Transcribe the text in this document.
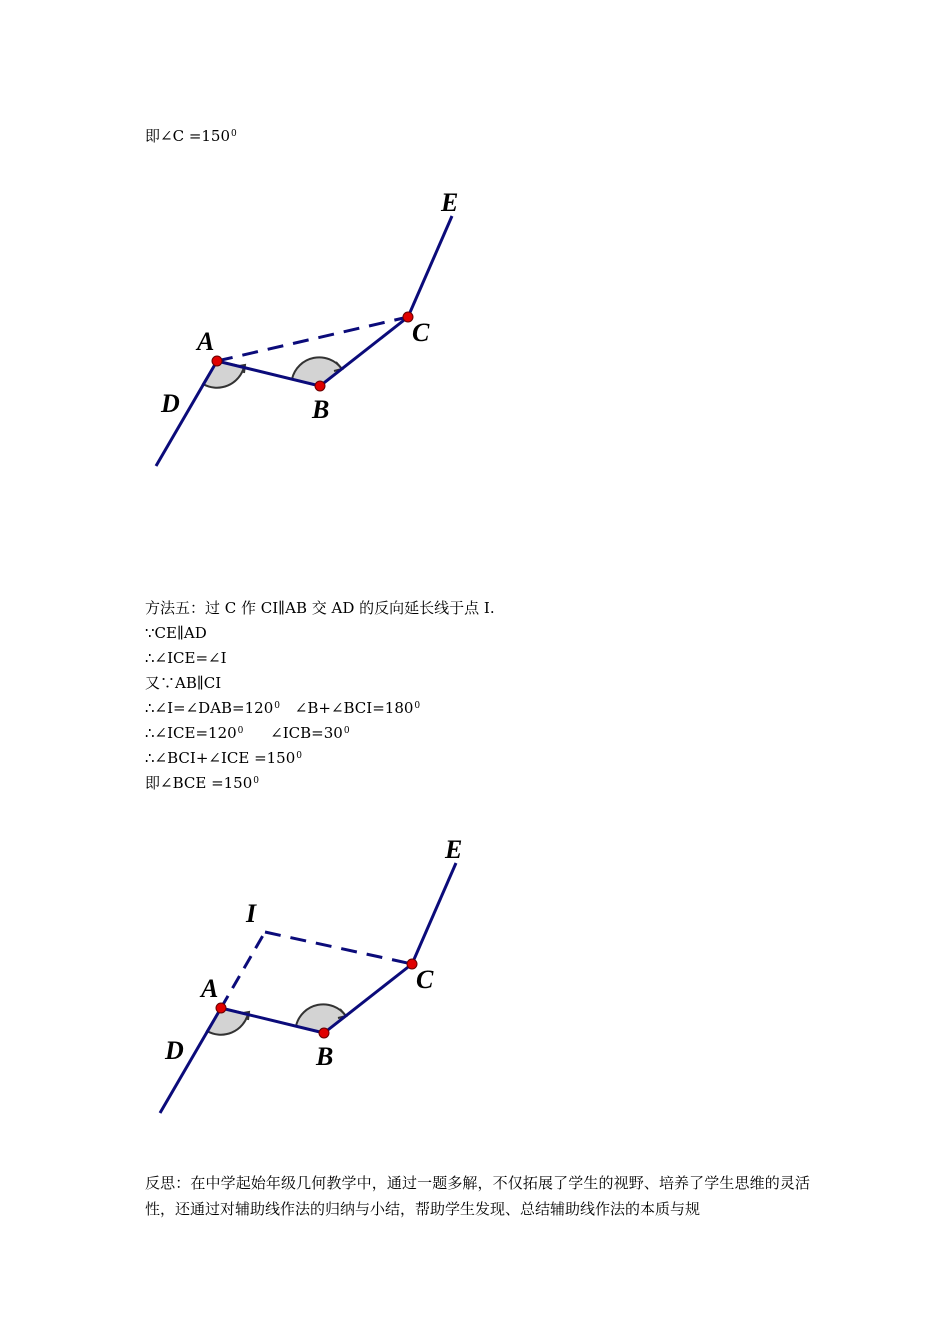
即∠C $=150^0$
E
A	C
D	B
方法五：过 C 作 CI∥AB 交 AD 的反向延长线于点 I.
∵CE∥AD
∴∠ICE=∠I
又∵AB∥CI
$\therefore\angle I=\angle DAB=120^0$ $\angle B+\angle BCI=180^0$
$\therefore\angle ICE=120^0$ $\angle ICB=30^0$
∴∠BCI+∠ICE $=150^0$
即∠BCE $=150^0$
E
I
A	C
D	B
反思：在中学起始年级几何教学中，通过一题多解，不仅拓展了学生的视野、培养了学生思维的灵活性，还通过对辅助线作法的归纳与小结，帮助学生发现、总结辅助线作法的本质与规
